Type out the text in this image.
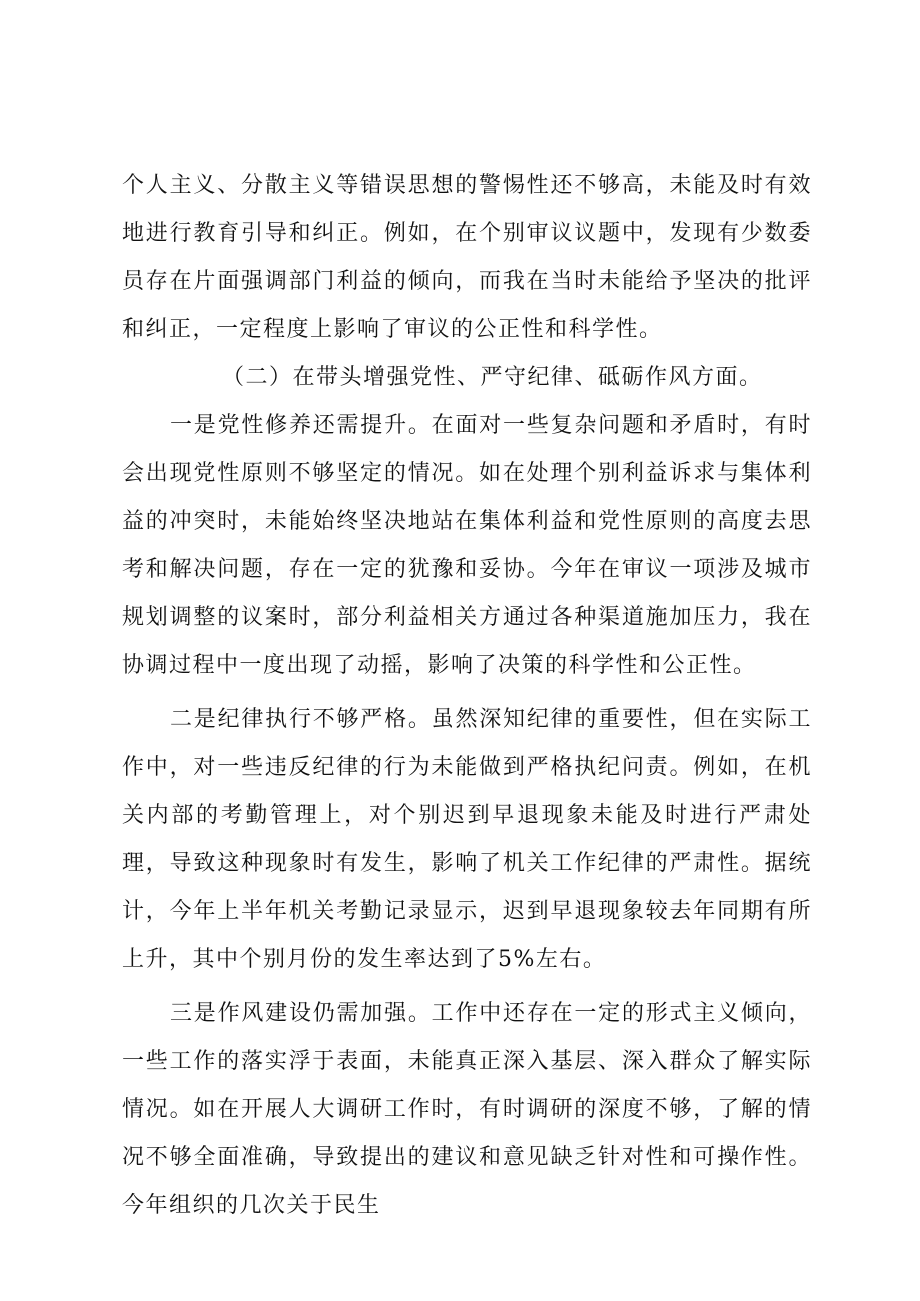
个人主义、分散主义等错误思想的警惕性还不够高，未能及时有效地进行教育引导和纠正。例如，在个别审议议题中，发现有少数委员存在片面强调部门利益的倾向，而我在当时未能给予坚决的批评和纠正，一定程度上影响了审议的公正性和科学性。

（二）在带头增强党性、严守纪律、砥砺作风方面。

一是党性修养还需提升。在面对一些复杂问题和矛盾时，有时会出现党性原则不够坚定的情况。如在处理个别利益诉求与集体利益的冲突时，未能始终坚决地站在集体利益和党性原则的高度去思考和解决问题，存在一定的犹豫和妥协。今年在审议一项涉及城市规划调整的议案时，部分利益相关方通过各种渠道施加压力，我在协调过程中一度出现了动摇，影响了决策的科学性和公正性。

二是纪律执行不够严格。虽然深知纪律的重要性，但在实际工作中，对一些违反纪律的行为未能做到严格执纪问责。例如，在机关内部的考勤管理上，对个别迟到早退现象未能及时进行严肃处理，导致这种现象时有发生，影响了机关工作纪律的严肃性。据统计，今年上半年机关考勤记录显示，迟到早退现象较去年同期有所上升，其中个别月份的发生率达到了5%左右。

三是作风建设仍需加强。工作中还存在一定的形式主义倾向，一些工作的落实浮于表面，未能真正深入基层、深入群众了解实际情况。如在开展人大调研工作时，有时调研的深度不够，了解的情况不够全面准确，导致提出的建议和意见缺乏针对性和可操作性。今年组织的几次关于民生
